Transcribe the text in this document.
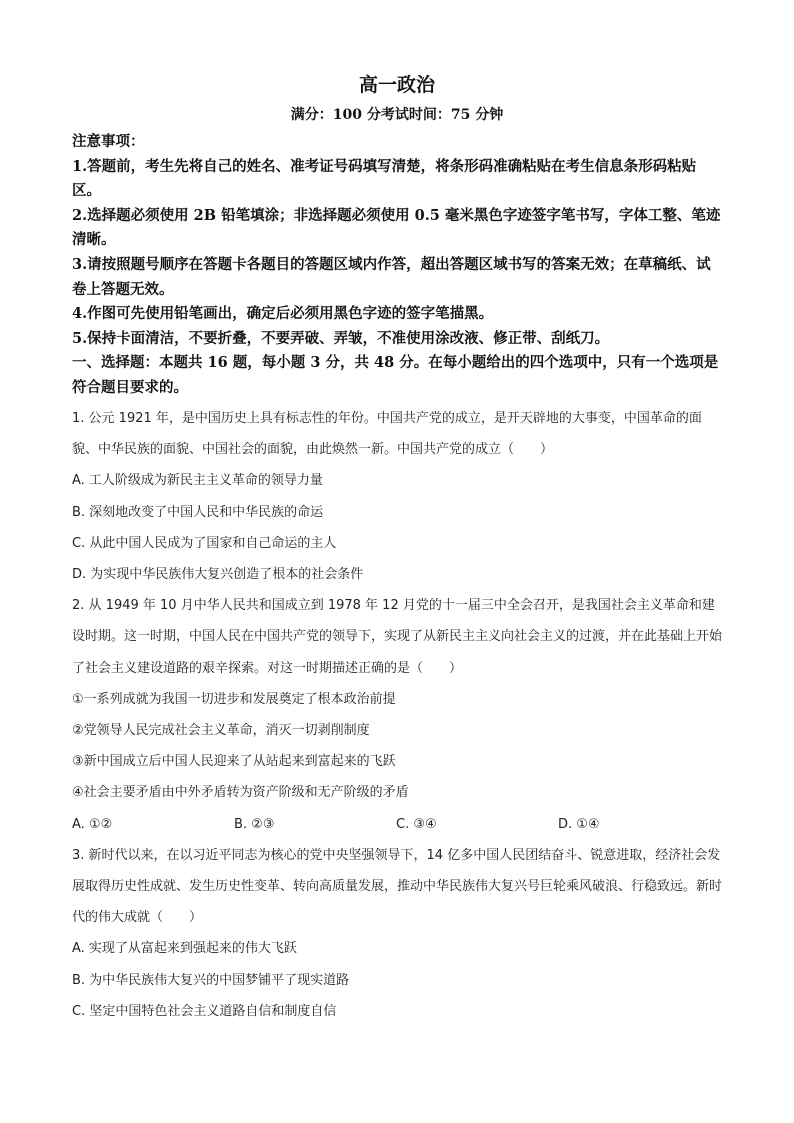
高一政治
满分：100 分考试时间：75 分钟
注意事项：
1.答题前，考生先将自己的姓名、准考证号码填写清楚，将条形码准确粘贴在考生信息条形码粘贴区。
2.选择题必须使用 2B 铅笔填涂；非选择题必须使用 0.5 毫米黑色字迹签字笔书写，字体工整、笔迹清晰。
3.请按照题号顺序在答题卡各题目的答题区域内作答，超出答题区域书写的答案无效；在草稿纸、试卷上答题无效。
4.作图可先使用铅笔画出，确定后必须用黑色字迹的签字笔描黑。
5.保持卡面清洁，不要折叠，不要弄破、弄皱，不准使用涂改液、修正带、刮纸刀。
一、选择题：本题共 16 题，每小题 3 分，共 48 分。在每小题给出的四个选项中，只有一个选项是符合题目要求的。
1. 公元 1921 年，是中国历史上具有标志性的年份。中国共产党的成立，是开天辟地的大事变，中国革命的面貌、中华民族的面貌、中国社会的面貌，由此焕然一新。中国共产党的成立（　　）
A. 工人阶级成为新民主主义革命的领导力量
B. 深刻地改变了中国人民和中华民族的命运
C. 从此中国人民成为了国家和自己命运的主人
D. 为实现中华民族伟大复兴创造了根本的社会条件
2. 从 1949 年 10 月中华人民共和国成立到 1978 年 12 月党的十一届三中全会召开，是我国社会主义革命和建设时期。这一时期，中国人民在中国共产党的领导下，实现了从新民主主义向社会主义的过渡，并在此基础上开始了社会主义建设道路的艰辛探索。对这一时期描述正确的是（　　）
①一系列成就为我国一切进步和发展奠定了根本政治前提
②党领导人民完成社会主义革命，消灭一切剥削制度
③新中国成立后中国人民迎来了从站起来到富起来的飞跃
④社会主要矛盾由中外矛盾转为资产阶级和无产阶级的矛盾
A. ①②	B. ②③	C. ③④	D. ①④
3. 新时代以来，在以习近平同志为核心的党中央坚强领导下，14 亿多中国人民团结奋斗、锐意进取，经济社会发展取得历史性成就、发生历史性变革、转向高质量发展，推动中华民族伟大复兴号巨轮乘风破浪、行稳致远。新时代的伟大成就（　　）
A. 实现了从富起来到强起来的伟大飞跃
B. 为中华民族伟大复兴的中国梦铺平了现实道路
C. 坚定中国特色社会主义道路自信和制度自信
